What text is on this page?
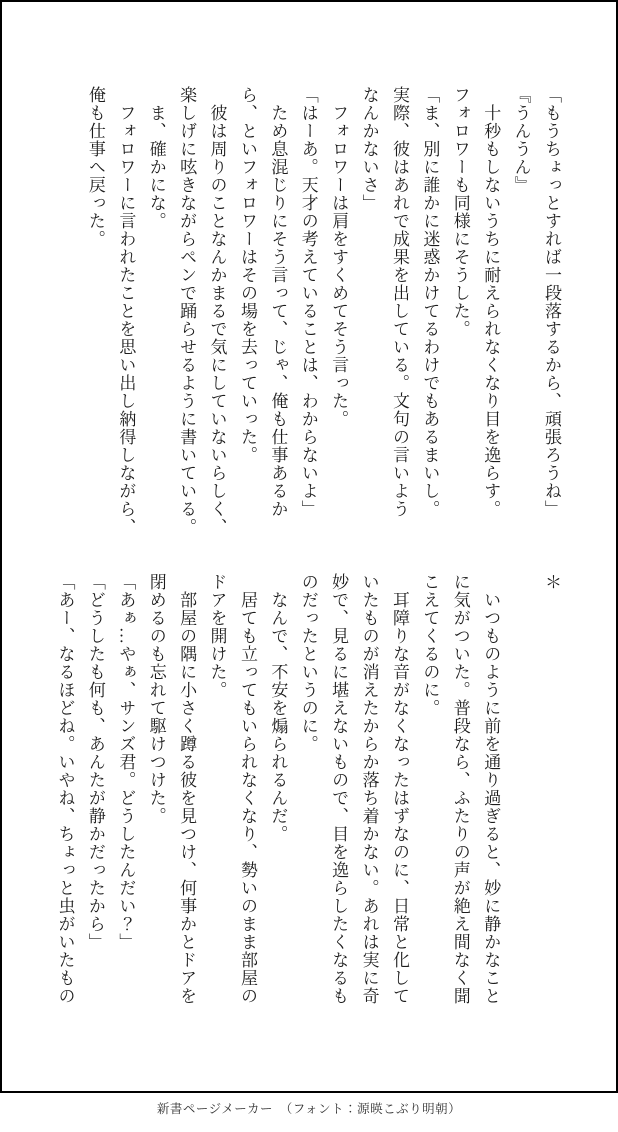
「もうちょっとすれば一段落するから、頑張ろうね」
『うんうん』
　十秒もしないうちに耐えられなくなり目を逸らす。
フォロワーも同様にそうした。
「ま、別に誰かに迷惑かけてるわけでもあるまいし。
実際、彼はあれで成果を出している。文句の言いよう
なんかないさ」
　フォロワーは肩をすくめてそう言った。
「はーあ。天才の考えていることは、わからないよ」
　ため息混じりにそう言って、じゃ、俺も仕事あるか
ら、といフォロワーはその場を去っていった。
　彼は周りのことなんかまるで気にしていないらしく、
楽しげに呟きながらペンで踊らせるように書いている。
　ま、確かにな。
　フォロワーに言われたことを思い出し納得しながら、
俺も仕事へ戻った。
＊

　いつものように前を通り過ぎると、妙に静かなこと
に気がついた。普段なら、ふたりの声が絶え間なく聞
こえてくるのに。
　耳障りな音がなくなったはずなのに、日常と化して
いたものが消えたからか落ち着かない。あれは実に奇
妙で、見るに堪えないもので、目を逸らしたくなるも
のだったというのに。
　なんで、不安を煽られるんだ。
　居ても立ってもいられなくなり、勢いのまま部屋の
ドアを開けた。
　部屋の隅に小さく蹲る彼を見つけ、何事かとドアを
閉めるのも忘れて駆けつけた。
「あぁ…やぁ、サンズ君。どうしたんだい？」
「どうしたも何も、あんたが静かだったから」
「あー、なるほどね。いやね、ちょっと虫がいたもの
新書ページメーカー　（フォント：源暎こぶり明朝）
